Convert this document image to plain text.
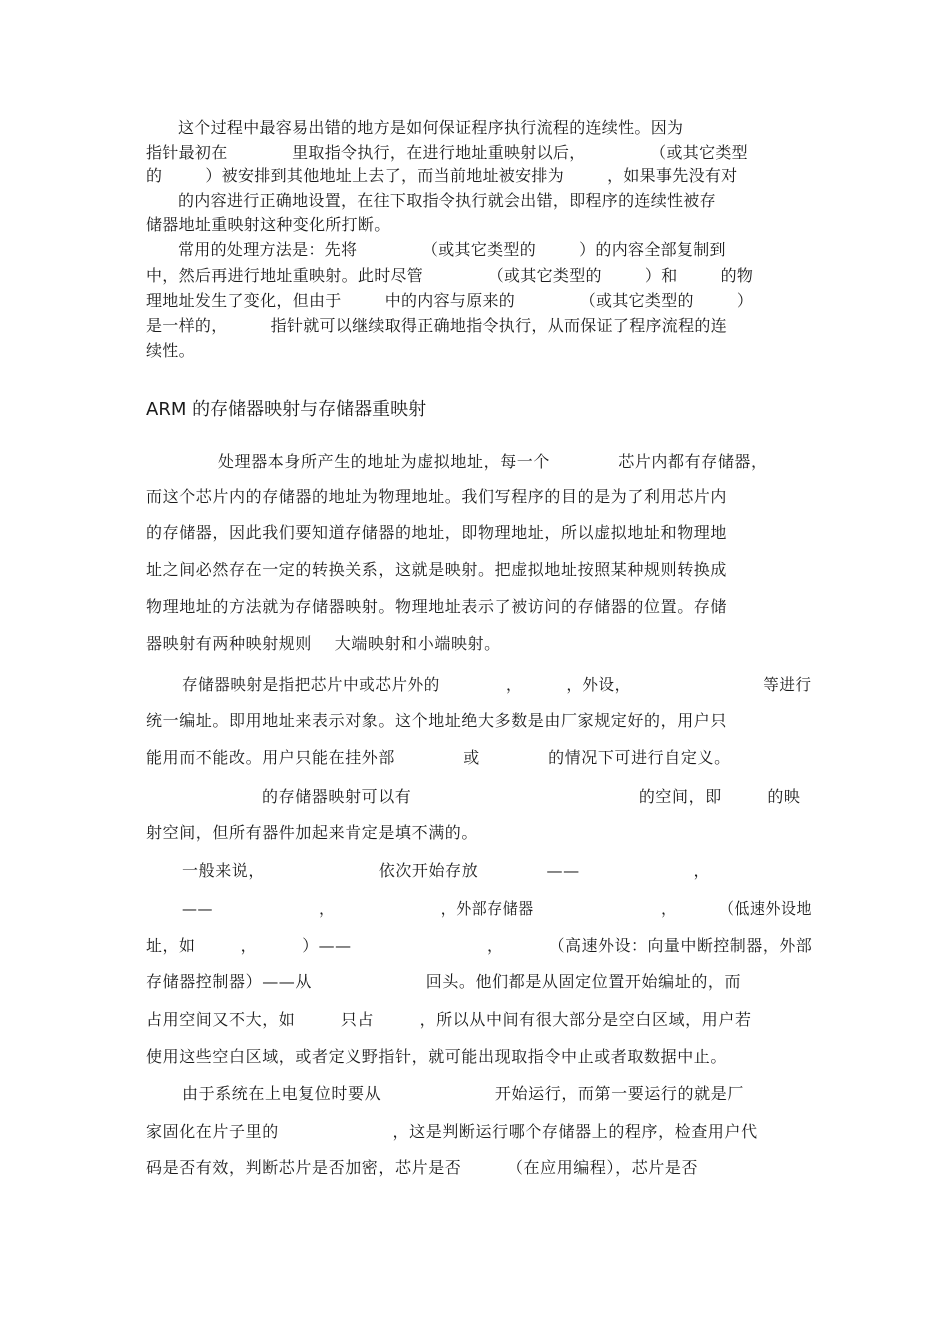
这个过程中最容易出错的地方是如何保证程序执行流程的连续性。因为
指针最初在            里取指令执行，在进行地址重映射以后，            （或其它类型
的        ）被安排到其他地址上去了，而当前地址被安排为        ，如果事先没有对
的内容进行正确地设置，在往下取指令执行就会出错，即程序的连续性被存
储器地址重映射这种变化所打断。
常用的处理方法是：先将            （或其它类型的        ）的内容全部复制到
中，然后再进行地址重映射。此时尽管            （或其它类型的        ）和        的物
理地址发生了变化，但由于        中的内容与原来的            （或其它类型的        ）
是一样的，        指针就可以继续取得正确地指令执行，从而保证了程序流程的连
续性。
ARM 的存储器映射与存储器重映射
处理器本身所产生的地址为虚拟地址，每一个            芯片内都有存储器，
而这个芯片内的存储器的地址为物理地址。我们写程序的目的是为了利用芯片内
的存储器，因此我们要知道存储器的地址，即物理地址，所以虚拟地址和物理地
址之间必然存在一定的转换关系，这就是映射。把虚拟地址按照某种规则转换成
物理地址的方法就为存储器映射。物理地址表示了被访问的存储器的位置。存储
器映射有两种映射规则    大端映射和小端映射。
存储器映射是指把芯片中或芯片外的            ，        ，外设，                        等进行
统一编址。即用地址来表示对象。这个地址绝大多数是由厂家规定好的，用户只
能用而不能改。用户只能在挂外部            或            的情况下可进行自定义。
的存储器映射可以有                                        的空间，即        的映
射空间，但所有器件加起来肯定是填不满的。
一般来说，                    依次开始存放            ——                    ，
——                    ，                    ，外部存储器                        ，        （低速外设地
址，如        ，        ）——                        ，        （高速外设：向量中断控制器，外部
存储器控制器）——从                    回头。他们都是从固定位置开始编址的，而
占用空间又不大，如        只占        ，所以从中间有很大部分是空白区域，用户若
使用这些空白区域，或者定义野指针，就可能出现取指令中止或者取数据中止。
由于系统在上电复位时要从                    开始运行，而第一要运行的就是厂
家固化在片子里的                    ，这是判断运行哪个存储器上的程序，检查用户代
码是否有效，判断芯片是否加密，芯片是否        （在应用编程），芯片是否
